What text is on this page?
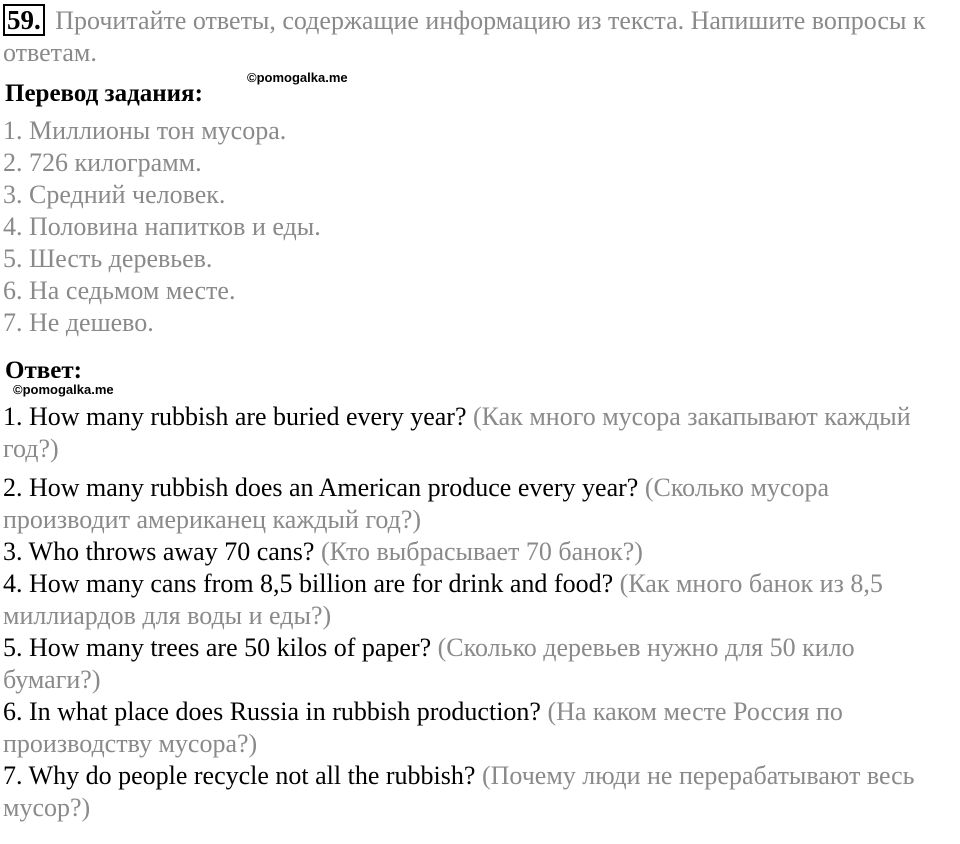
59. Прочитайте ответы, содержащие информацию из текста. Напишите вопросы к ответам.
Перевод задания:
©pomogalka.me
1. Миллионы тон мусора.
2. 726 килограмм.
3. Средний человек.
4. Половина напитков и еды.
5. Шесть деревьев.
6. На седьмом месте.
7. Не дешево.
Ответ:
©pomogalka.me
1. How many rubbish are buried every year? (Как много мусора закапывают каждый год?)
2. How many rubbish does an American produce every year? (Сколько мусора производит американец каждый год?)
3. Who throws away 70 cans? (Кто выбрасывает 70 банок?)
4. How many cans from 8,5 billion are for drink and food? (Как много банок из 8,5 миллиардов для воды и еды?)
5. How many trees are 50 kilos of paper? (Сколько деревьев нужно для 50 кило бумаги?)
6. In what place does Russia in rubbish production? (На каком месте Россия по производству мусора?)
7. Why do people recycle not all the rubbish? (Почему люди не перерабатывают весь мусор?)
